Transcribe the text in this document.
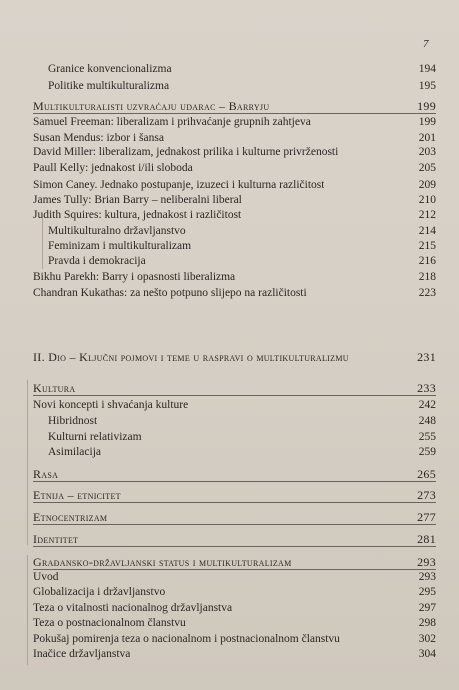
7
Granice konvencionalizma	194
Politike multikulturalizma	195
Multikulturalisti uzvraćaju udarac – Barryju	199
Samuel Freeman: liberalizam i prihvaćanje grupnih zahtjeva	199
Susan Mendus: izbor i šansa	201
David Miller: liberalizam, jednakost prilika i kulturne privrženosti	203
Paull Kelly: jednakost i/ili sloboda	205
Simon Caney. Jednako postupanje, izuzeci i kulturna različitost	209
James Tully: Brian Barry – neliberalni liberal	210
Judith Squires: kultura, jednakost i različitost	212
Multikulturalno državljanstvo	214
Feminizam i multikulturalizam	215
Pravda i demokracija	216
Bikhu Parekh: Barry i opasnosti liberalizma	218
Chandran Kukathas: za nešto potpuno slijepo na različitosti	223
II. Dio – Ključni pojmovi i teme u raspravi o multikulturalizmu	231
Kultura	233
Novi koncepti i shvaćanja kulture	242
Hibridnost	248
Kulturni relativizam	255
Asimilacija	259
Rasa	265
Etnija – etnicitet	273
Etnocentrizam	277
Identitet	281
Građansko-državljanski status i multikulturalizam	293
Uvod	293
Globalizacija i državljanstvo	295
Teza o vitalnosti nacionalnog državljanstva	297
Teza o postnacionalnom članstvu	298
Pokušaj pomirenja teza o nacionalnom i postnacionalnom članstvu	302
Inačice državljanstva	304
